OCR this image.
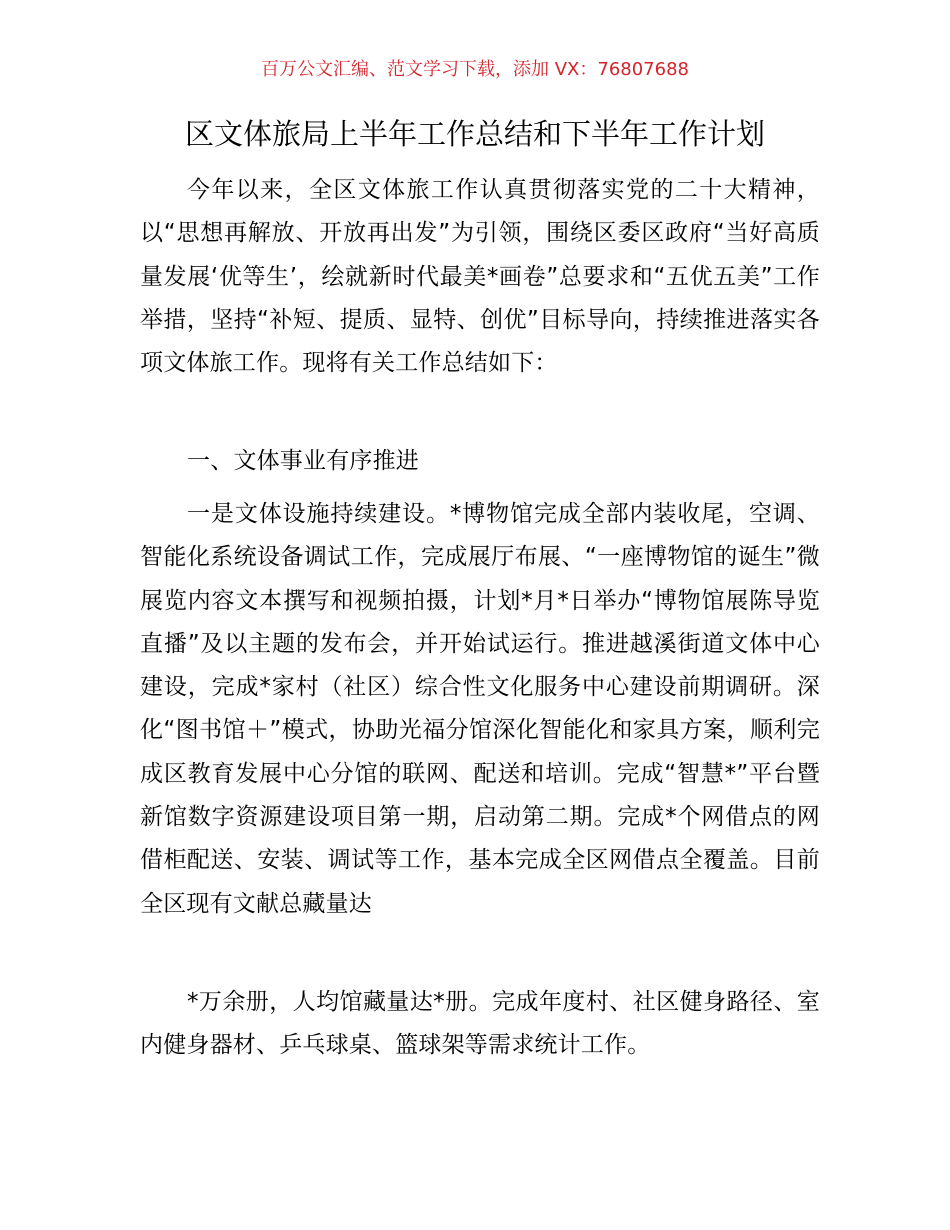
百万公文汇编、范文学习下载，添加 VX：76807688
区文体旅局上半年工作总结和下半年工作计划

今年以来，全区文体旅工作认真贯彻落实党的二十大精神，以“思想再解放、开放再出发”为引领，围绕区委区政府“当好高质量发展‘优等生’，绘就新时代最美*画卷”总要求和“五优五美”工作举措，坚持“补短、提质、显特、创优”目标导向，持续推进落实各项文体旅工作。现将有关工作总结如下：

一、文体事业有序推进

一是文体设施持续建设。*博物馆完成全部内装收尾，空调、智能化系统设备调试工作，完成展厅布展、“一座博物馆的诞生”微展览内容文本撰写和视频拍摄，计划*月*日举办“博物馆展陈导览直播”及以主题的发布会，并开始试运行。推进越溪街道文体中心建设，完成*家村（社区）综合性文化服务中心建设前期调研。深化“图书馆＋”模式，协助光福分馆深化智能化和家具方案，顺利完成区教育发展中心分馆的联网、配送和培训。完成“智慧*”平台暨新馆数字资源建设项目第一期，启动第二期。完成*个网借点的网借柜配送、安装、调试等工作，基本完成全区网借点全覆盖。目前全区现有文献总藏量达

*万余册，人均馆藏量达*册。完成年度村、社区健身路径、室内健身器材、乒乓球桌、篮球架等需求统计工作。
